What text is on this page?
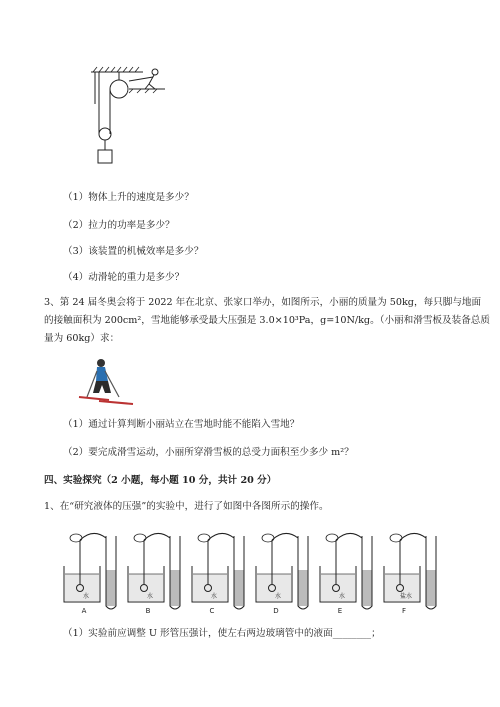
（1）物体上升的速度是多少？
（2）拉力的功率是多少？
（3）该装置的机械效率是多少？
（4）动滑轮的重力是多少？
3、第 24 届冬奥会将于 2022 年在北京、张家口举办，如图所示，小丽的质量为 50kg，每只脚与地面
的接触面积为 200cm²，雪地能够承受最大压强是 3.0×10³Pa，g=10N/kg。（小丽和滑雪板及装备总质
量为 60kg）求：
（1）通过计算判断小丽站立在雪地时能不能陷入雪地？
（2）要完成滑雪运动，小丽所穿滑雪板的总受力面积至少多少 m²？
四、实验探究（2 小题，每小题 10 分，共计 20 分）
1、在“研究液体的压强”的实验中，进行了如图中各图所示的操作。
水
A
水
B
水
C
水
D
水
E
盐水
F
（1）实验前应调整 U 形管压强计，使左右两边玻璃管中的液面________；
